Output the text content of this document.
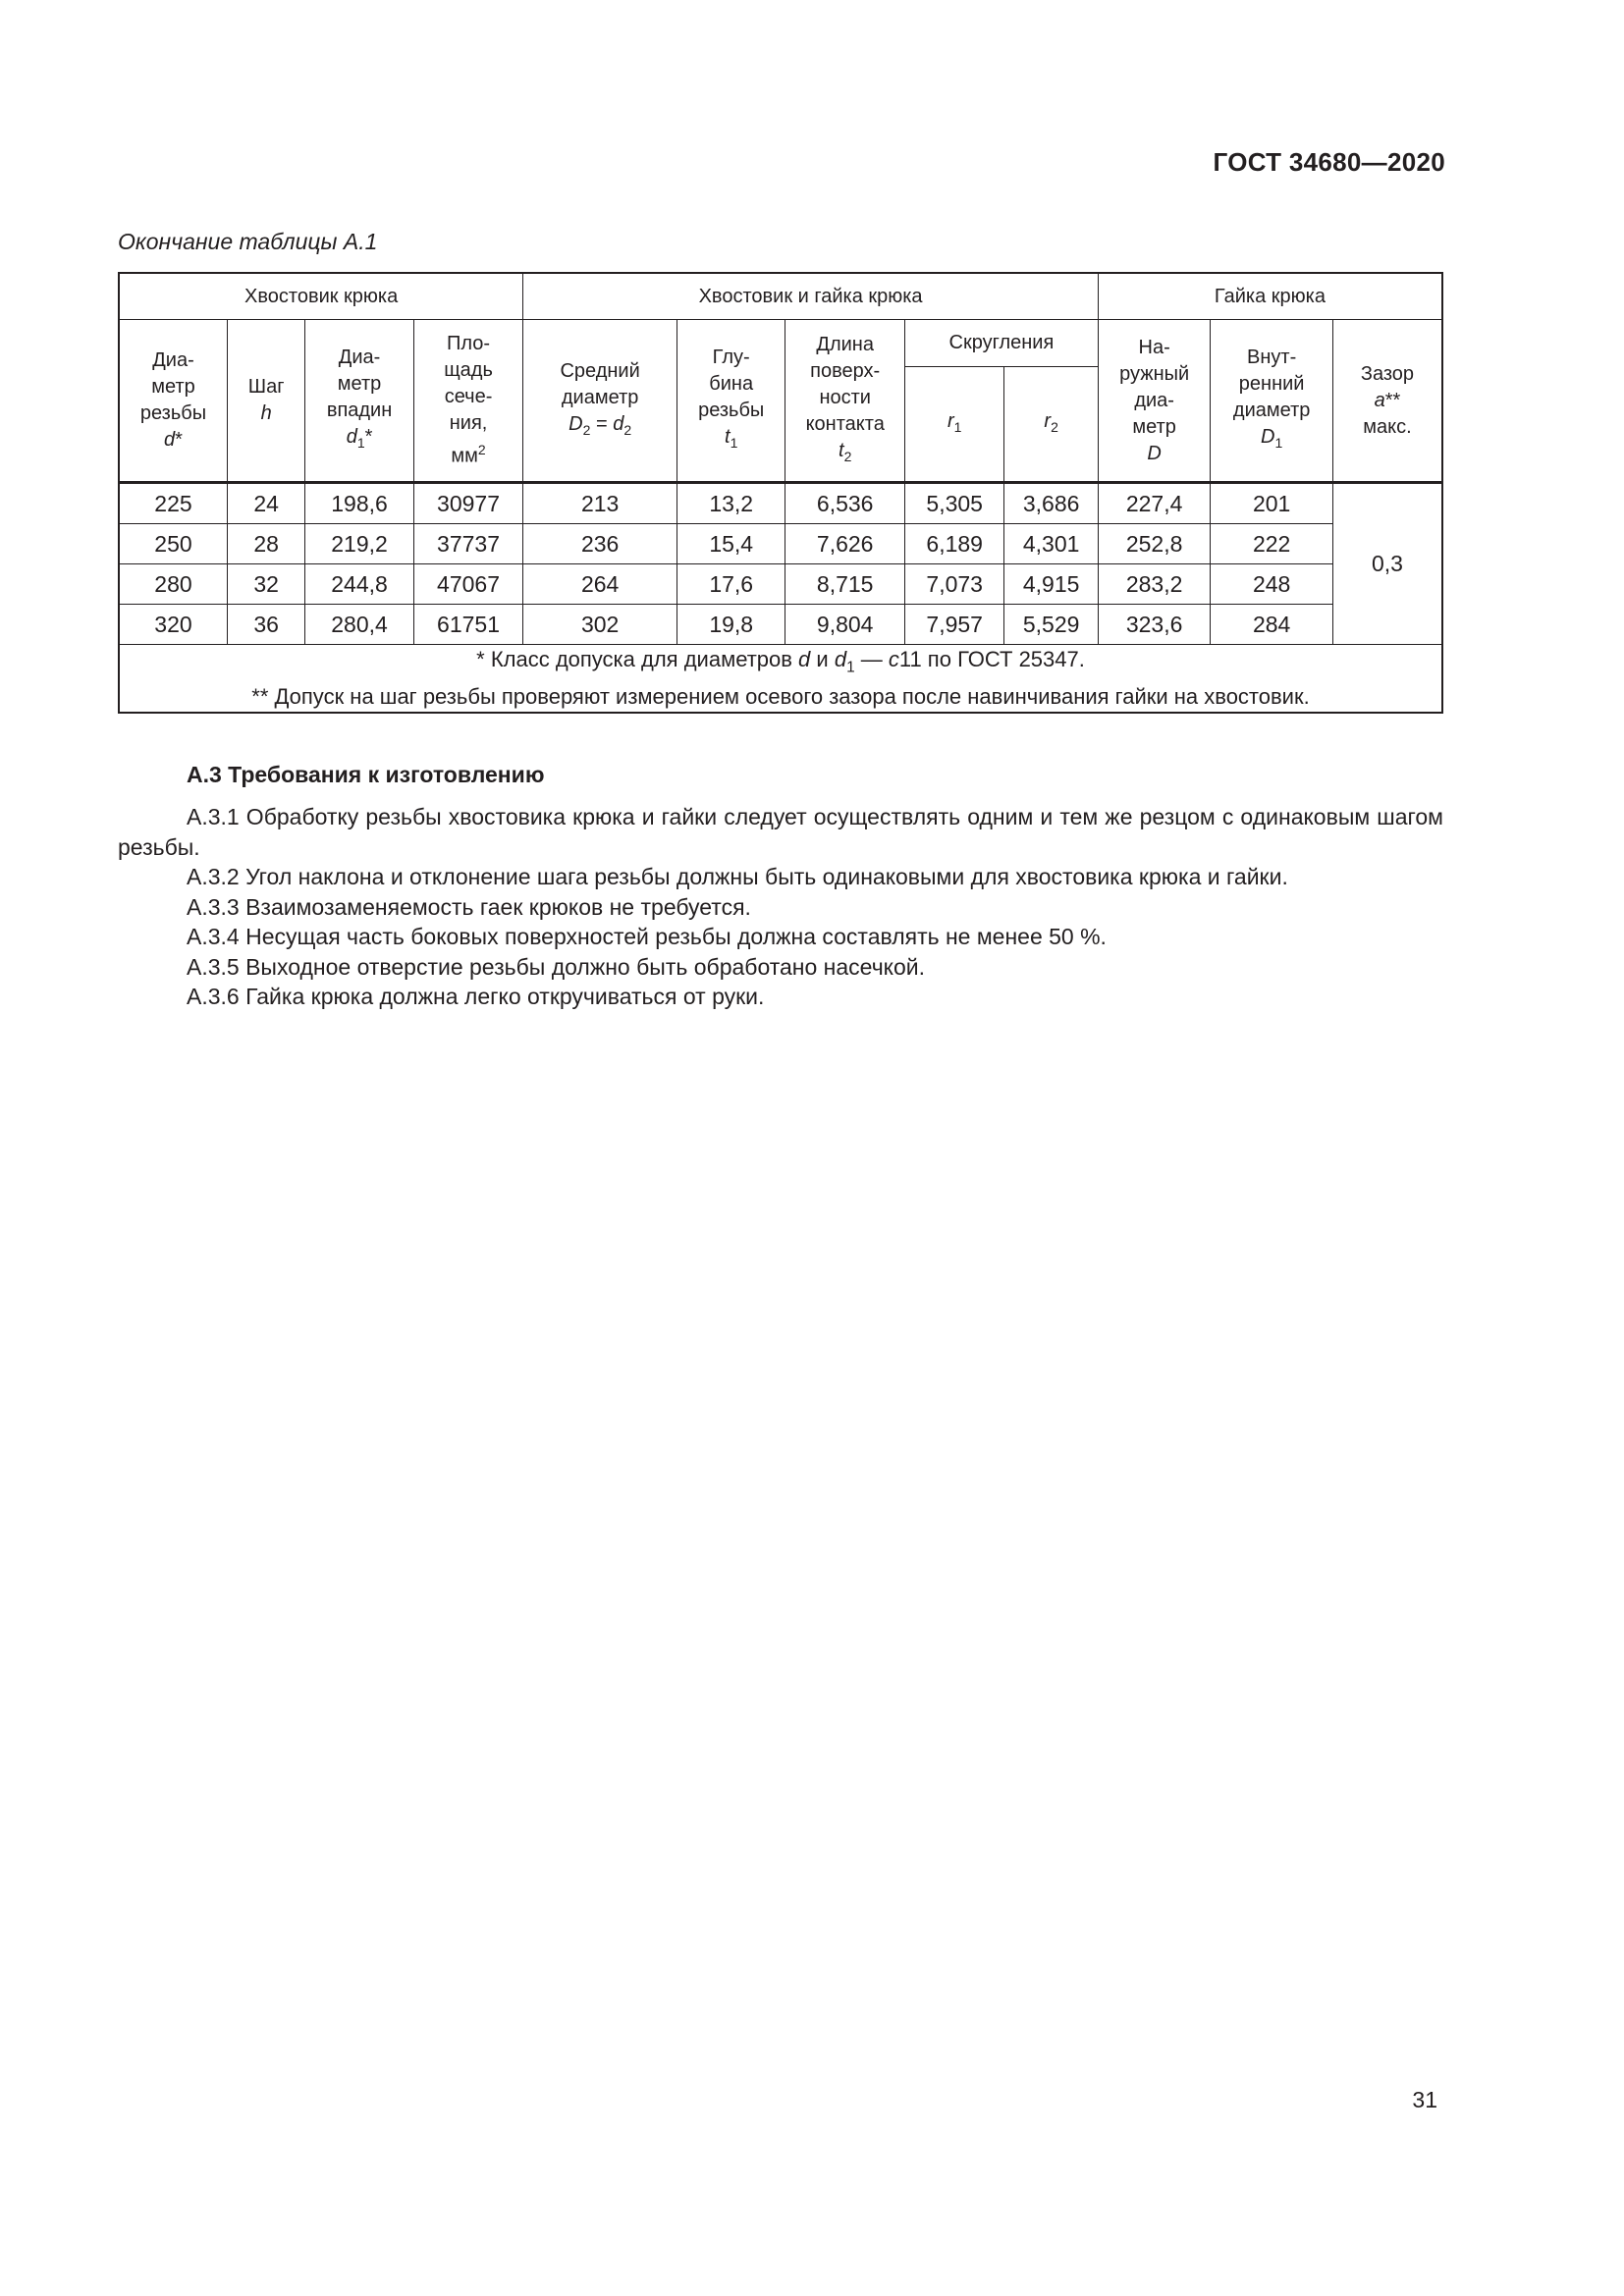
ГОСТ 34680—2020
Окончание таблицы А.1
Хвостовик крюка				Хвостовик и гайка крюка					Гайка крюка		
Диа-
метр
резьбы
d*	Шаг
h	Диа-
метр
впадин
$d_1*$	Пло-
щадь
сече-
ния,
$мм^2$	Средний
диаметр
$D_2 = d_2$	Глу-
бина
резьбы
$t_1$	Длина
поверх-
ности
контакта
$t_2$	Скругления		На-
ружный
диа-
метр
D	Внут-
ренний
диаметр
$D_1$	Зазор
a**
макс.
							$r_1$	$r_2$
225	24	198,6	30977	213	13,2	6,536	5,305	3,686	227,4	201	0,3
250	28	219,2	37737	236	15,4	7,626	6,189	4,301	252,8	222	
280	32	244,8	47067	264	17,6	8,715	7,073	4,915	283,2	248	
320	36	280,4	61751	302	19,8	9,804	7,957	5,529	323,6	284	

* Класс допуска для диаметров d и $d_1$ — c11 по ГОСТ 25347.

** Допуск на шаг резьбы проверяют измерением осевого зазора после навинчивания гайки на хвостовик.											

А.3 Требования к изготовлению

А.3.1 Обработку резьбы хвостовика крюка и гайки следует осуществлять одним и тем же резцом с одинаковым шагом резьбы.

А.3.2 Угол наклона и отклонение шага резьбы должны быть одинаковыми для хвостовика крюка и гайки.

А.3.3 Взаимозаменяемость гаек крюков не требуется.

А.3.4 Несущая часть боковых поверхностей резьбы должна составлять не менее 50 %.

А.3.5 Выходное отверстие резьбы должно быть обработано насечкой.

А.3.6 Гайка крюка должна легко откручиваться от руки.

31
